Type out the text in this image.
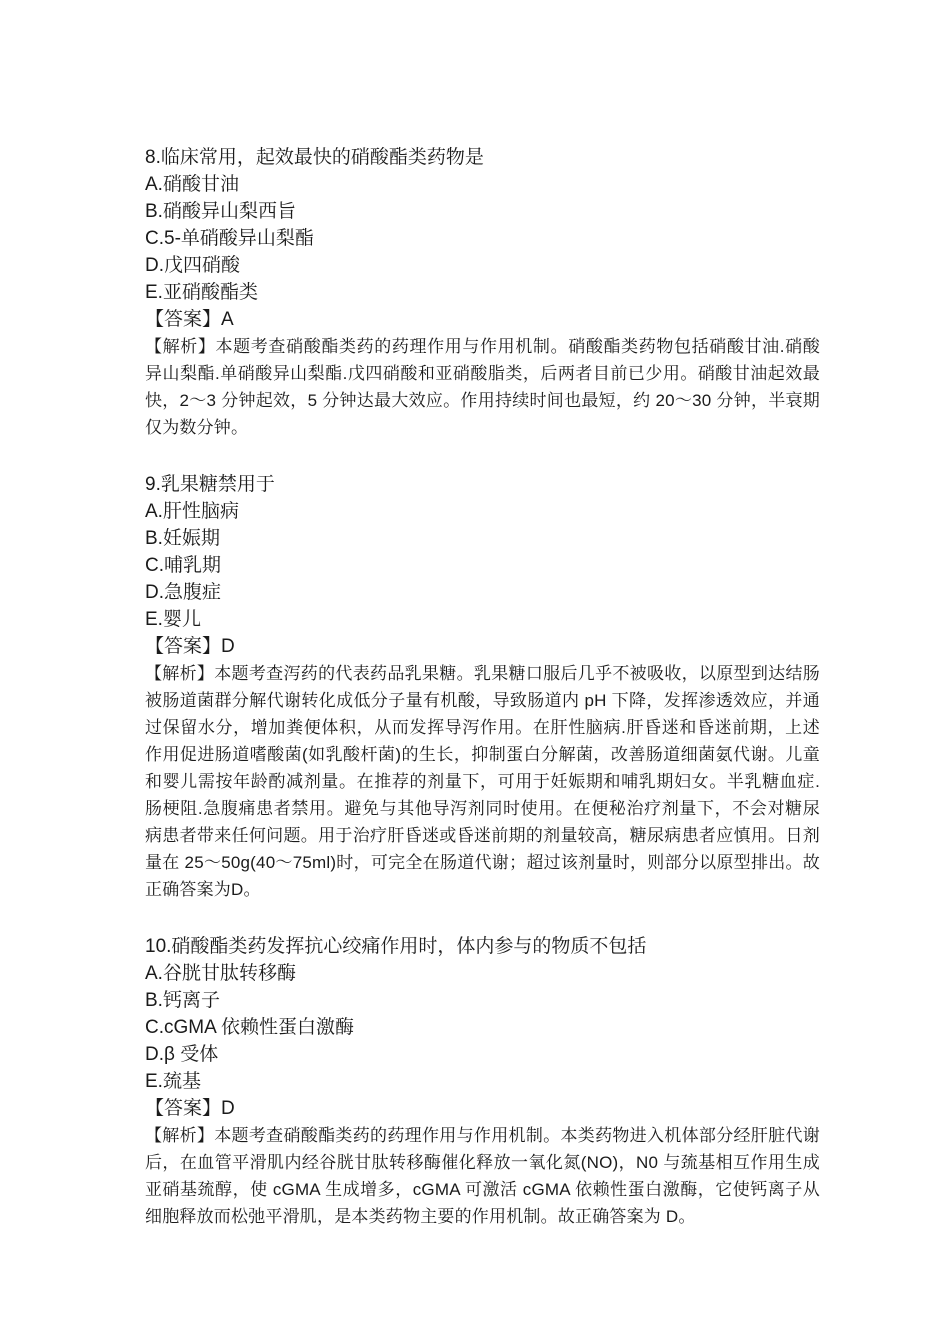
8.临床常用，起效最快的硝酸酯类药物是
A.硝酸甘油
B.硝酸异山梨西旨
C.5-单硝酸异山梨酯
D.戊四硝酸
E.亚硝酸酯类
【答案】A
【解析】本题考查硝酸酯类药的药理作用与作用机制。硝酸酯类药物包括硝酸甘油.硝酸异山梨酯.单硝酸异山梨酯.戊四硝酸和亚硝酸脂类，后两者目前已少用。硝酸甘油起效最快，2～3 分钟起效，5 分钟达最大效应。作用持续时间也最短，约 20～30 分钟，半衰期仅为数分钟。
9.乳果糖禁用于
A.肝性脑病
B.妊娠期
C.哺乳期
D.急腹症
E.婴儿
【答案】D
【解析】本题考查泻药的代表药品乳果糖。乳果糖口服后几乎不被吸收，以原型到达结肠被肠道菌群分解代谢转化成低分子量有机酸，导致肠道内 pH 下降，发挥渗透效应，并通过保留水分，增加粪便体积，从而发挥导泻作用。在肝性脑病.肝昏迷和昏迷前期，上述作用促进肠道嗜酸菌(如乳酸杆菌)的生长，抑制蛋白分解菌，改善肠道细菌氨代谢。儿童和婴儿需按年龄酌减剂量。在推荐的剂量下，可用于妊娠期和哺乳期妇女。半乳糖血症.肠梗阻.急腹痛患者禁用。避免与其他导泻剂同时使用。在便秘治疗剂量下，不会对糖尿病患者带来任何问题。用于治疗肝昏迷或昏迷前期的剂量较高，糖尿病患者应慎用。日剂量在 25～50g(40～75ml)时，可完全在肠道代谢；超过该剂量时，则部分以原型排出。故正确答案为D。
10.硝酸酯类药发挥抗心绞痛作用时，体内参与的物质不包括
A.谷胱甘肽转移酶
B.钙离子
C.cGMA 依赖性蛋白激酶
D.β 受体
E.巯基
【答案】D
【解析】本题考查硝酸酯类药的药理作用与作用机制。本类药物进入机体部分经肝脏代谢后，在血管平滑肌内经谷胱甘肽转移酶催化释放一氧化氮(NO)，N0 与巯基相互作用生成亚硝基巯醇，使 cGMA 生成增多，cGMA 可激活 cGMA 依赖性蛋白激酶，它使钙离子从细胞释放而松弛平滑肌，是本类药物主要的作用机制。故正确答案为 D。
